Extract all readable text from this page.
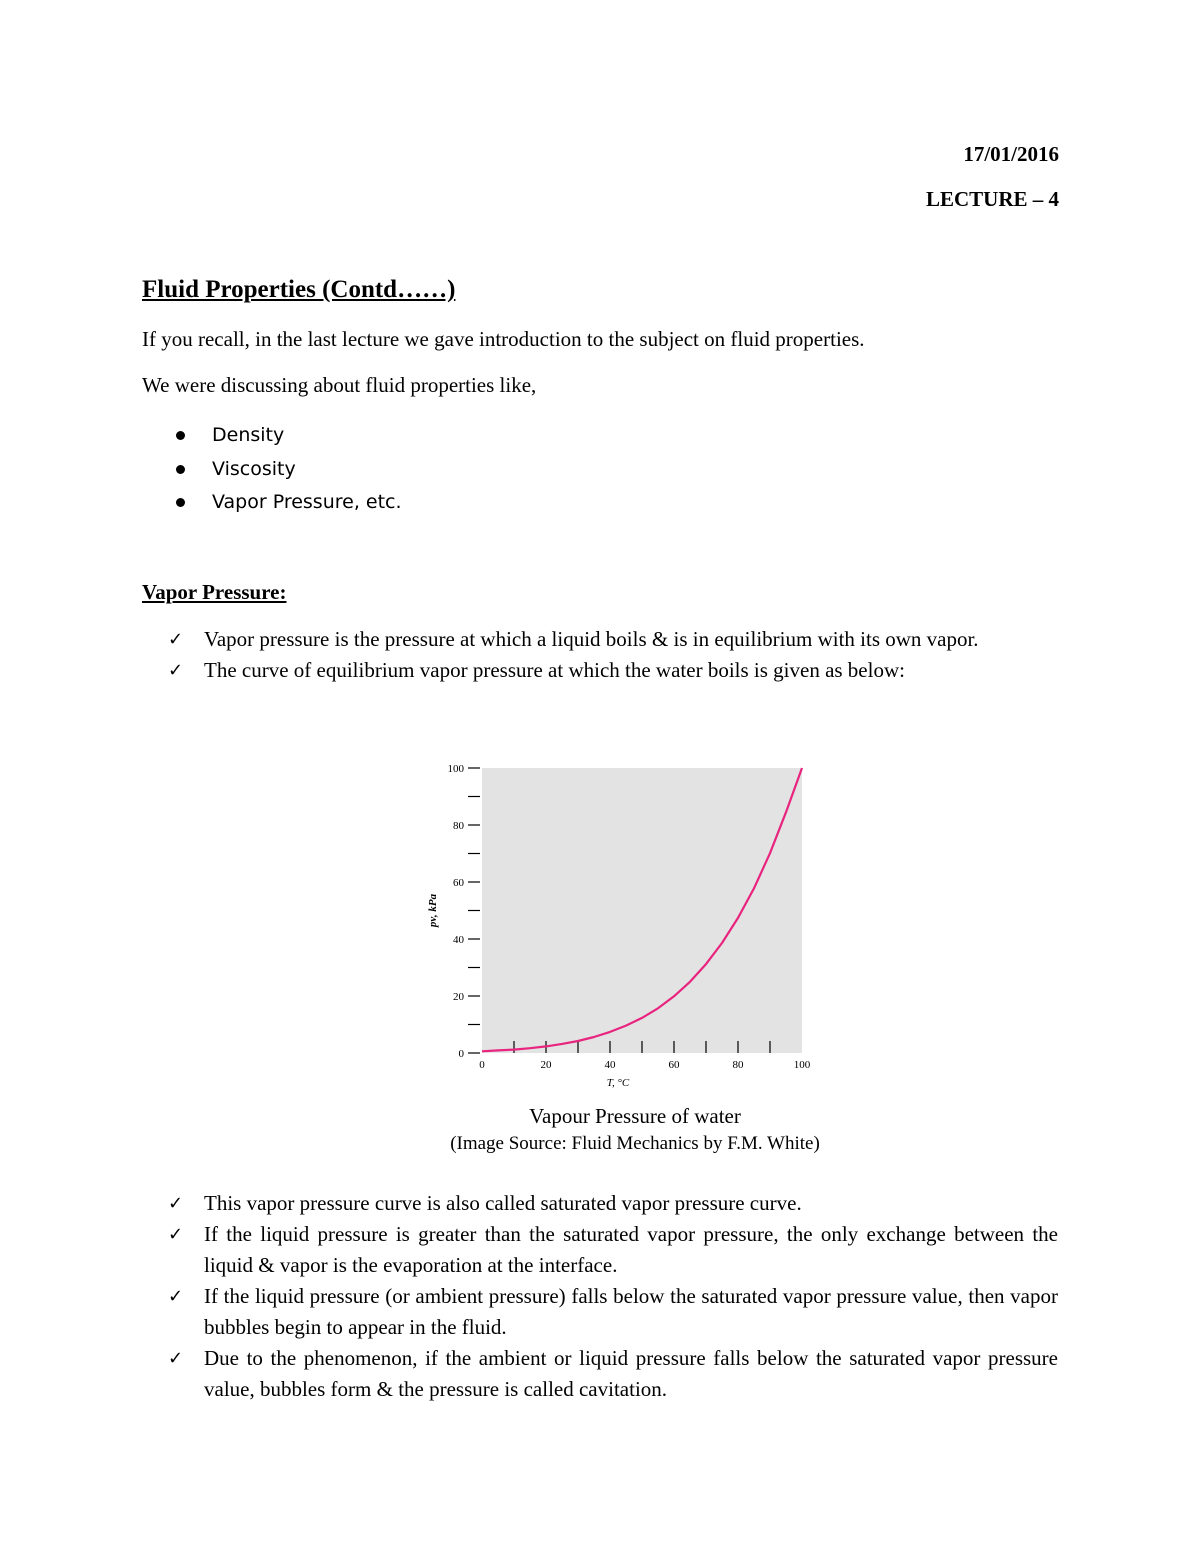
17/01/2016
LECTURE – 4
Fluid Properties (Contd……)
If you recall, in the last lecture we gave introduction to the subject on fluid properties.
We were discussing about fluid properties like,
Density
Viscosity
Vapor Pressure, etc.
Vapor Pressure:
✓ Vapor pressure is the pressure at which a liquid boils & is in equilibrium with its own vapor.
✓ The curve of equilibrium vapor pressure at which the water boils is given as below:
0
20
40
60
80
100
0	20	40	60	80	100
T, °C
pv, kPa
Vapour Pressure of water
(Image Source: Fluid Mechanics by F.M. White)
✓ This vapor pressure curve is also called saturated vapor pressure curve.
✓ If the liquid pressure is greater than the saturated vapor pressure, the only exchange between the liquid & vapor is the evaporation at the interface.
✓ If the liquid pressure (or ambient pressure) falls below the saturated vapor pressure value, then vapor bubbles begin to appear in the fluid.
✓ Due to the phenomenon, if the ambient or liquid pressure falls below the saturated vapor pressure value, bubbles form & the pressure is called cavitation.
